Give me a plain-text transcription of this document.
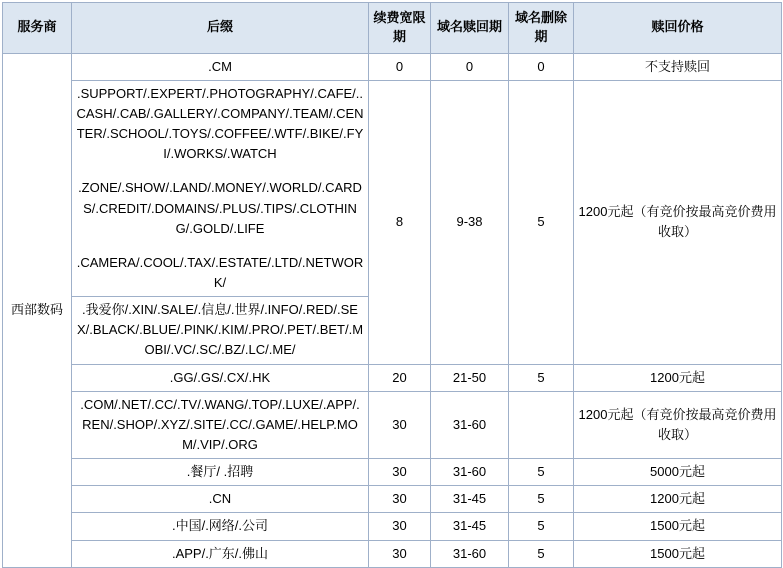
服务商	后缀	续费宽限期	域名赎回期	域名删除期	赎回价格
西部数码	.CM	0	0	0	不支持赎回

	.SUPPORT/.EXPERT/.PHOTOGRAPHY/.CAFE/..CASH/.CAB/.GALLERY/.COMPANY/.TEAM/.CENTER/.SCHOOL/.TOYS/.COFFEE/.WTF/.BIKE/.FYI/.WORKS/.WATCH
.ZONE/.SHOW/.LAND/.MONEY/.WORLD/.CARDS/.CREDIT/.DOMAINS/.PLUS/.TIPS/.CLOTHING/.GOLD/.LIFE
.CAMERA/.COOL/.TAX/.ESTATE/.LTD/.NETWORK/	8	9-38	5	1200元起（有竞价按最高竞价费用收取）
	.我爱你/.XIN/.SALE/.信息/.世界/.INFO/.RED/.SEX/.BLACK/.BLUE/.PINK/.KIM/.PRO/.PET/.BET/.MOBI/.VC/.SC/.BZ/.LC/.ME/				
	.GG/.GS/.CX/.HK	20	21-50	5	1200元起
	.COM/.NET/.CC/.TV/.WANG/.TOP/.LUXE/.APP/.REN/.SHOP/.XYZ/.SITE/.CC/.GAME/.HELP.MOM/.VIP/.ORG	30	31-60		1200元起（有竞价按最高竞价费用收取）
	.餐厅/ .招聘	30	31-60	5	5000元起
	.CN	30	31-45	5	1200元起
	.中国/.网络/.公司	30	31-45	5	1500元起
	.APP/.广东/.佛山	30	31-60	5	1500元起
